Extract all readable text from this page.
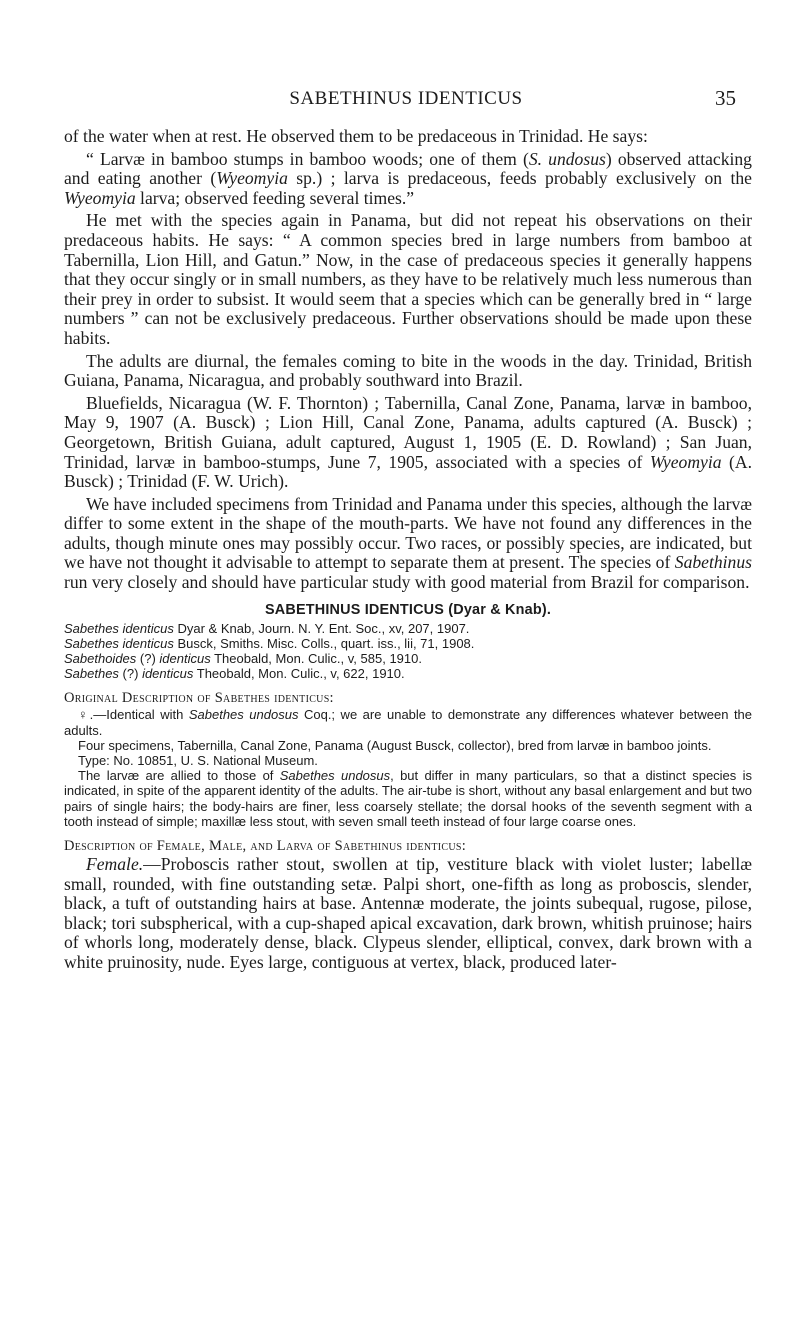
SABETHINUS IDENTICUS	35

of the water when at rest. He observed them to be predaceous in Trinidad. He says:

“ Larvæ in bamboo stumps in bamboo woods; one of them (S. undosus) observed attacking and eating another (Wyeomyia sp.) ; larva is predaceous, feeds probably exclusively on the Wyeomyia larva; observed feeding several times.”

He met with the species again in Panama, but did not repeat his observations on their predaceous habits. He says: “ A common species bred in large numbers from bamboo at Tabernilla, Lion Hill, and Gatun.” Now, in the case of predaceous species it generally happens that they occur singly or in small numbers, as they have to be relatively much less numerous than their prey in order to subsist. It would seem that a species which can be generally bred in “ large numbers ” can not be exclusively predaceous. Further observations should be made upon these habits.

The adults are diurnal, the females coming to bite in the woods in the day. Trinidad, British Guiana, Panama, Nicaragua, and probably southward into Brazil.

Bluefields, Nicaragua (W. F. Thornton) ; Tabernilla, Canal Zone, Panama, larvæ in bamboo, May 9, 1907 (A. Busck) ; Lion Hill, Canal Zone, Panama, adults captured (A. Busck) ; Georgetown, British Guiana, adult captured, August 1, 1905 (E. D. Rowland) ; San Juan, Trinidad, larvæ in bamboo-stumps, June 7, 1905, associated with a species of Wyeomyia (A. Busck) ; Trinidad (F. W. Urich).

We have included specimens from Trinidad and Panama under this species, although the larvæ differ to some extent in the shape of the mouth-parts. We have not found any differences in the adults, though minute ones may possibly occur. Two races, or possibly species, are indicated, but we have not thought it advisable to attempt to separate them at present. The species of Sabethinus run very closely and should have particular study with good material from Brazil for comparison.

SABETHINUS IDENTICUS (Dyar & Knab).

Sabethes identicus Dyar & Knab, Journ. N. Y. Ent. Soc., xv, 207, 1907.

Sabethes identicus Busck, Smiths. Misc. Colls., quart. iss., lii, 71, 1908.

Sabethoides (?) identicus Theobald, Mon. Culic., v, 585, 1910.

Sabethes (?) identicus Theobald, Mon. Culic., v, 622, 1910.

Original Description of Sabethes identicus:

♀.—Identical with Sabethes undosus Coq.; we are unable to demonstrate any differences whatever between the adults.

Four specimens, Tabernilla, Canal Zone, Panama (August Busck, collector), bred from larvæ in bamboo joints.

Type: No. 10851, U. S. National Museum.

The larvæ are allied to those of Sabethes undosus, but differ in many particulars, so that a distinct species is indicated, in spite of the apparent identity of the adults. The air-tube is short, without any basal enlargement and but two pairs of single hairs; the body-hairs are finer, less coarsely stellate; the dorsal hooks of the seventh segment with a tooth instead of simple; maxillæ less stout, with seven small teeth instead of four large coarse ones.

Description of Female, Male, and Larva of Sabethinus identicus:

Female.—Proboscis rather stout, swollen at tip, vestiture black with violet luster; labellæ small, rounded, with fine outstanding setæ. Palpi short, one-fifth as long as proboscis, slender, black, a tuft of outstanding hairs at base. Antennæ moderate, the joints subequal, rugose, pilose, black; tori subspherical, with a cup-shaped apical excavation, dark brown, whitish pruinose; hairs of whorls long, moderately dense, black. Clypeus slender, elliptical, convex, dark brown with a white pruinosity, nude. Eyes large, contiguous at vertex, black, produced later-
